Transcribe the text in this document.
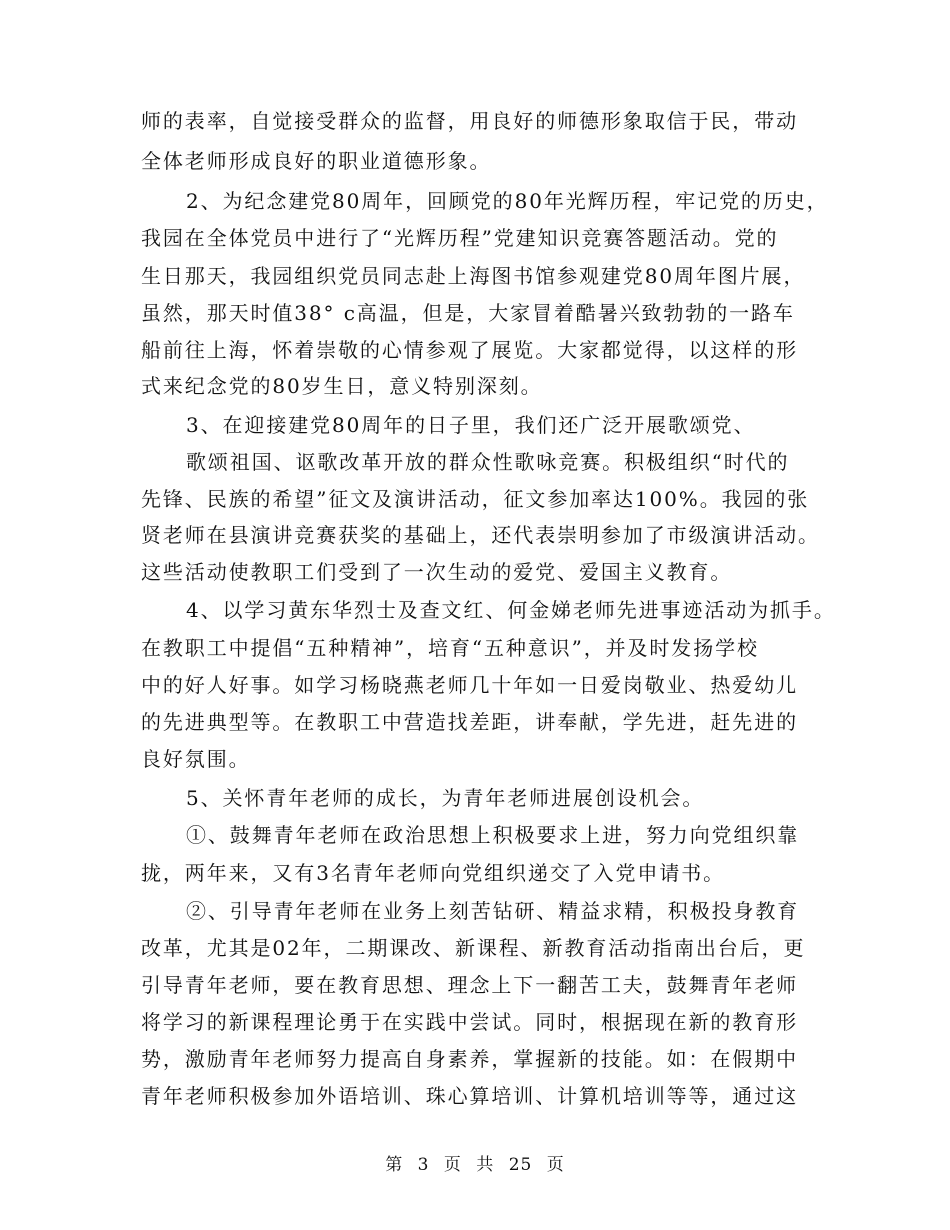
师的表率，自觉接受群众的监督，用良好的师德形象取信于民，带动
全体老师形成良好的职业道德形象。
2、为纪念建党80周年，回顾党的80年光辉历程，牢记党的历史，
我园在全体党员中进行了“光辉历程”党建知识竞赛答题活动。党的
生日那天，我园组织党员同志赴上海图书馆参观建党80周年图片展，
虽然，那天时值38° c高温，但是，大家冒着酷暑兴致勃勃的一路车
船前往上海，怀着崇敬的心情参观了展览。大家都觉得，以这样的形
式来纪念党的80岁生日，意义特别深刻。
3、在迎接建党80周年的日子里，我们还广泛开展歌颂党、
歌颂祖国、讴歌改革开放的群众性歌咏竞赛。积极组织“时代的
先锋、民族的希望”征文及演讲活动，征文参加率达100%。我园的张
贤老师在县演讲竞赛获奖的基础上，还代表崇明参加了市级演讲活动。
这些活动使教职工们受到了一次生动的爱党、爱国主义教育。
4、以学习黄东华烈士及查文红、何金娣老师先进事迹活动为抓手。
在教职工中提倡“五种精神”，培育“五种意识”，并及时发扬学校
中的好人好事。如学习杨晓燕老师几十年如一日爱岗敬业、热爱幼儿
的先进典型等。在教职工中营造找差距，讲奉献，学先进，赶先进的
良好氛围。
5、关怀青年老师的成长，为青年老师进展创设机会。
①、鼓舞青年老师在政治思想上积极要求上进，努力向党组织靠
拢，两年来，又有3名青年老师向党组织递交了入党申请书。
②、引导青年老师在业务上刻苦钻研、精益求精，积极投身教育
改革，尤其是02年，二期课改、新课程、新教育活动指南出台后，更
引导青年老师，要在教育思想、理念上下一翻苦工夫，鼓舞青年老师
将学习的新课程理论勇于在实践中尝试。同时，根据现在新的教育形
势，激励青年老师努力提高自身素养，掌握新的技能。如：在假期中
青年老师积极参加外语培训、珠心算培训、计算机培训等等，通过这
第 3 页 共 25 页
